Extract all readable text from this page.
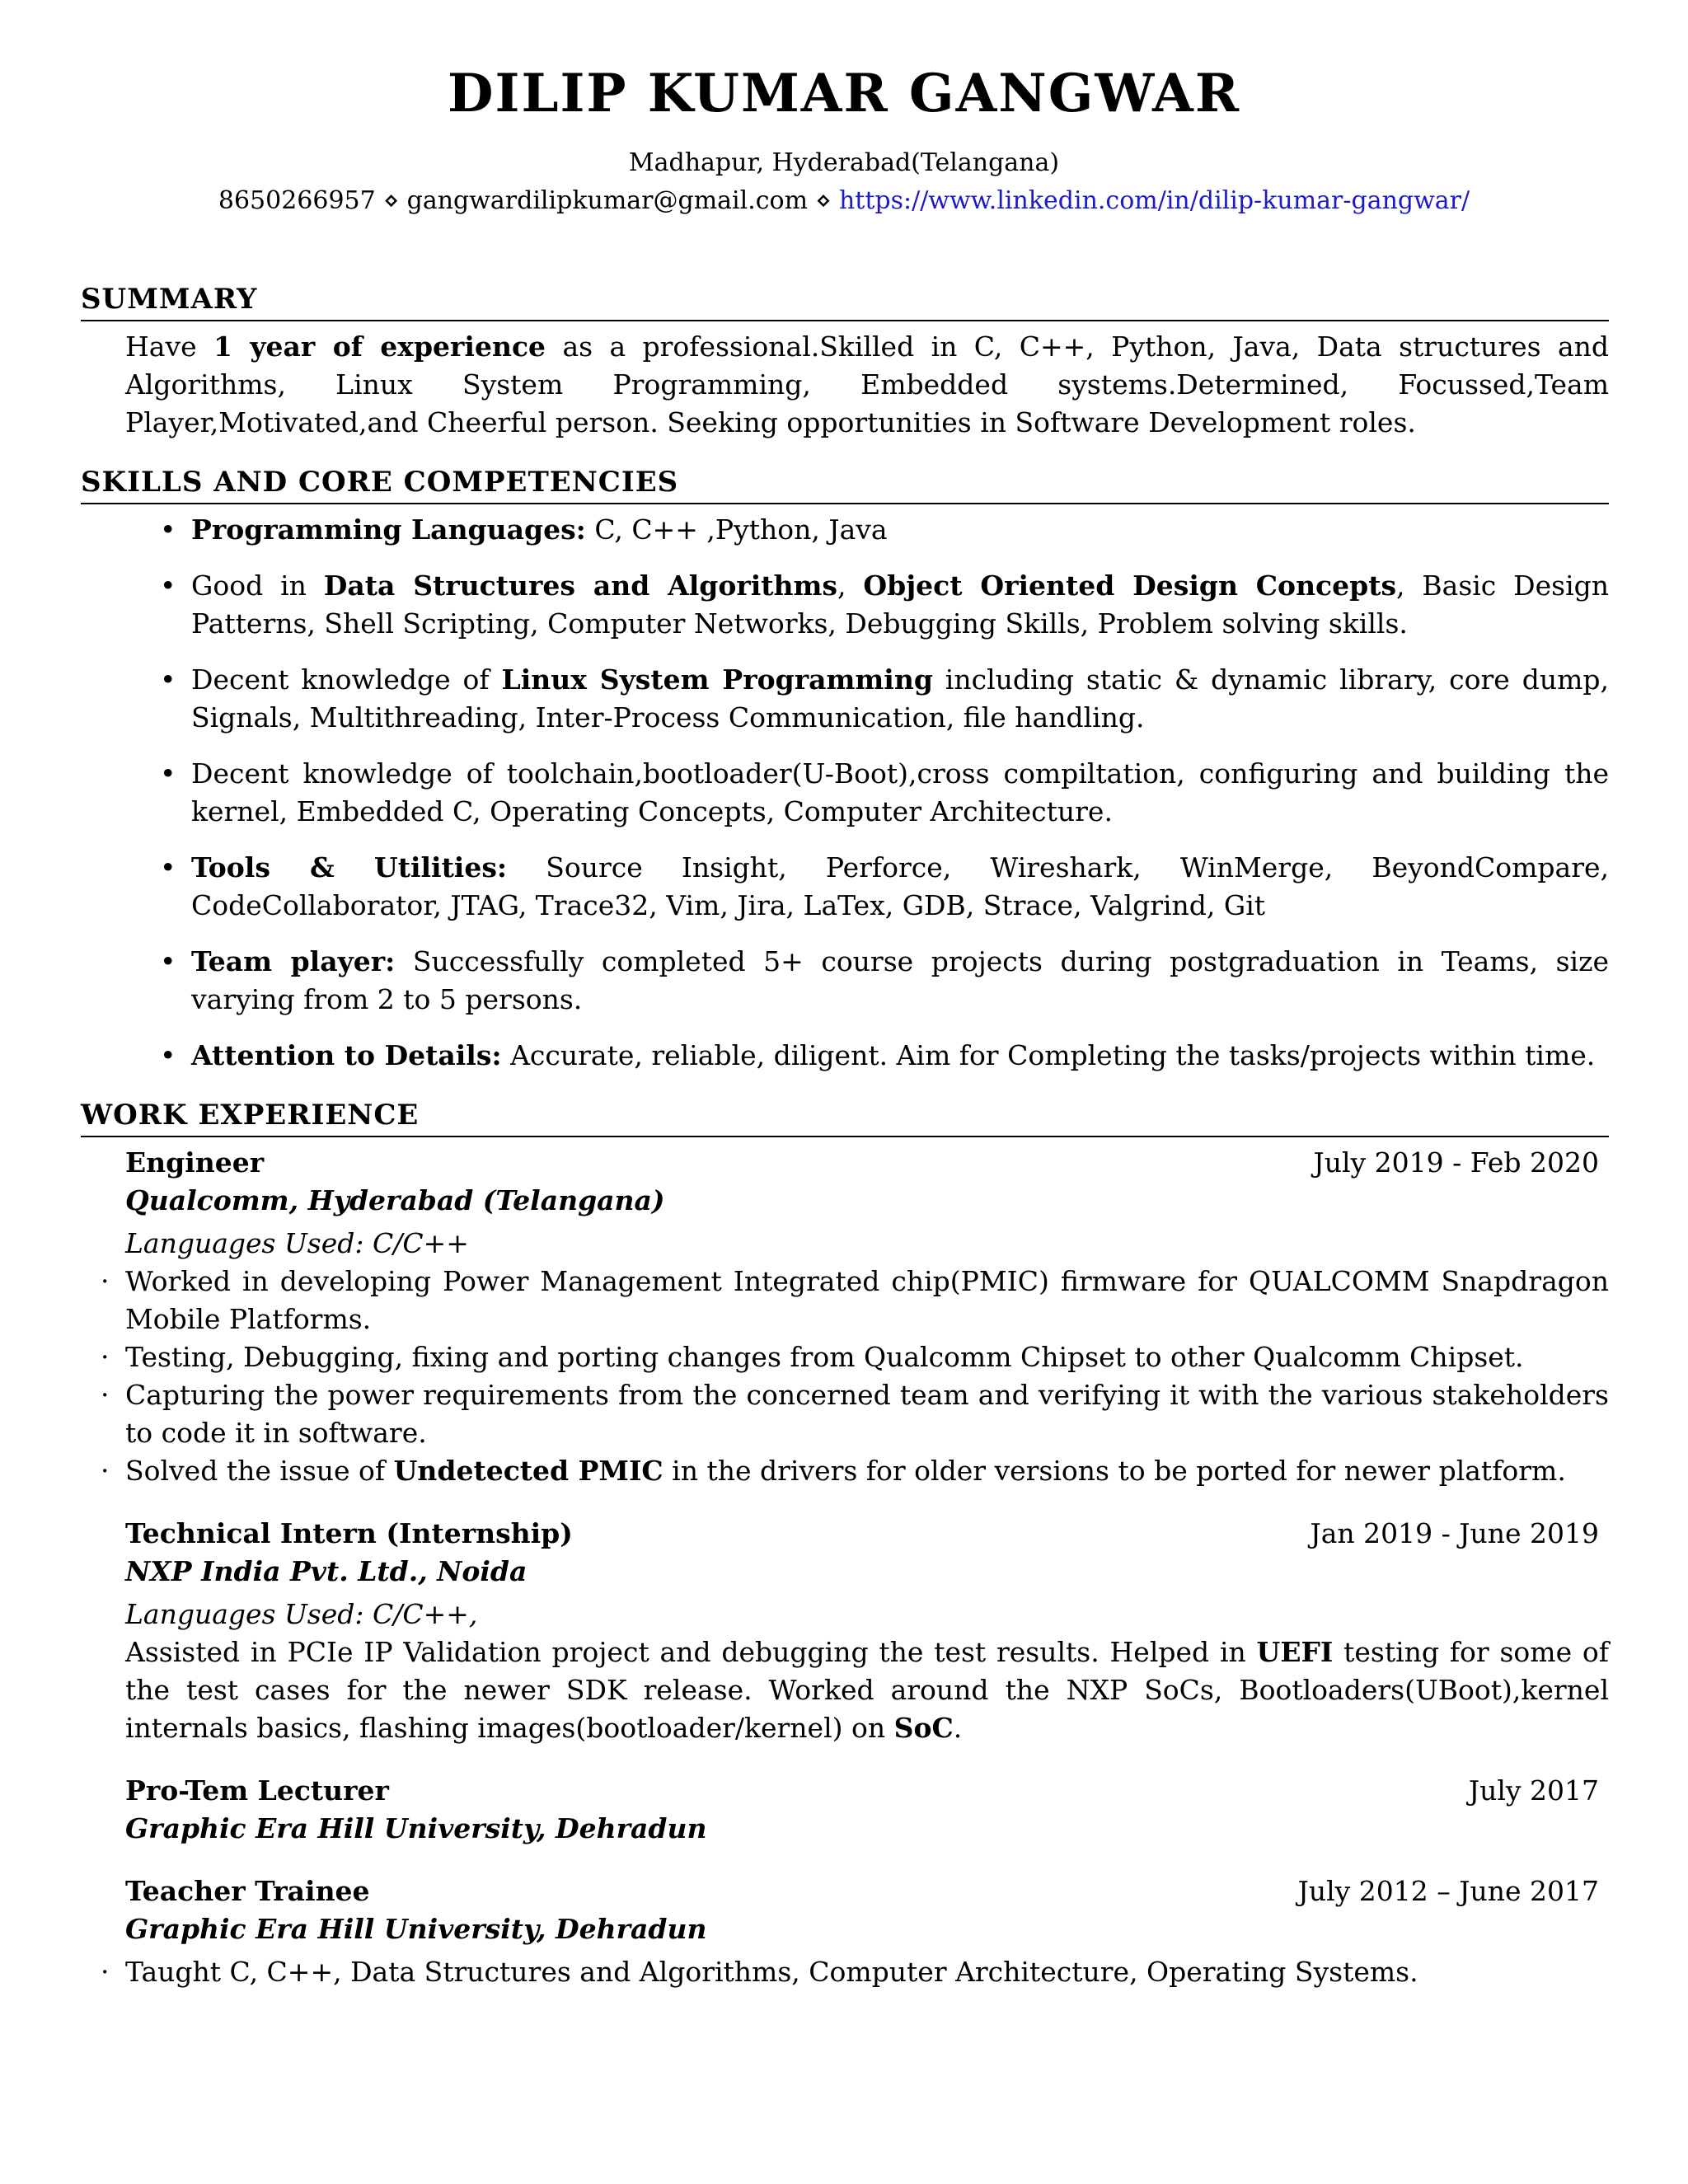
DILIP KUMAR GANGWAR
Madhapur, Hyderabad(Telangana)
8650266957 ⋄ gangwardilipkumar@gmail.com ⋄ https://www.linkedin.com/in/dilip-kumar-gangwar/
SUMMARY

Have 1 year of experience as a professional.Skilled in C, C++, Python, Java, Data structures and Algorithms, Linux System Programming, Embedded systems.Determined, Focussed,Team Player,Motivated,and Cheerful person. Seeking opportunities in Software Development roles.

SKILLS AND CORE COMPETENCIES
• Programming Languages: C, C++ ,Python, Java
• Good in Data Structures and Algorithms, Object Oriented Design Concepts, Basic Design Patterns, Shell Scripting, Computer Networks, Debugging Skills, Problem solving skills.
• Decent knowledge of Linux System Programming including static & dynamic library, core dump, Signals, Multithreading, Inter-Process Communication, file handling.
• Decent knowledge of toolchain,bootloader(U-Boot),cross compiltation, configuring and building the kernel, Embedded C, Operating Concepts, Computer Architecture.
• Tools & Utilities: Source Insight, Perforce, Wireshark, WinMerge, BeyondCompare, CodeCollaborator, JTAG, Trace32, Vim, Jira, LaTex, GDB, Strace, Valgrind, Git
• Team player: Successfully completed 5+ course projects during postgraduation in Teams, size varying from 2 to 5 persons.
• Attention to Details: Accurate, reliable, diligent. Aim for Completing the tasks/projects within time.
WORK EXPERIENCE
Engineer	July 2019 - Feb 2020
Qualcomm, Hyderabad (Telangana)
Languages Used: C/C++
· Worked in developing Power Management Integrated chip(PMIC) firmware for QUALCOMM Snapdragon Mobile Platforms.
· Testing, Debugging, fixing and porting changes from Qualcomm Chipset to other Qualcomm Chipset.
· Capturing the power requirements from the concerned team and verifying it with the various stakeholders to code it in software.
· Solved the issue of Undetected PMIC in the drivers for older versions to be ported for newer platform.
Technical Intern (Internship)	Jan 2019 - June 2019
NXP India Pvt. Ltd., Noida
Languages Used: C/C++,
Assisted in PCIe IP Validation project and debugging the test results. Helped in UEFI testing for some of the test cases for the newer SDK release. Worked around the NXP SoCs, Bootloaders(UBoot),kernel internals basics, flashing images(bootloader/kernel) on SoC.
Pro-Tem Lecturer	July 2017
Graphic Era Hill University, Dehradun
Teacher Trainee	July 2012 – June 2017
Graphic Era Hill University, Dehradun
· Taught C, C++, Data Structures and Algorithms, Computer Architecture, Operating Systems.
